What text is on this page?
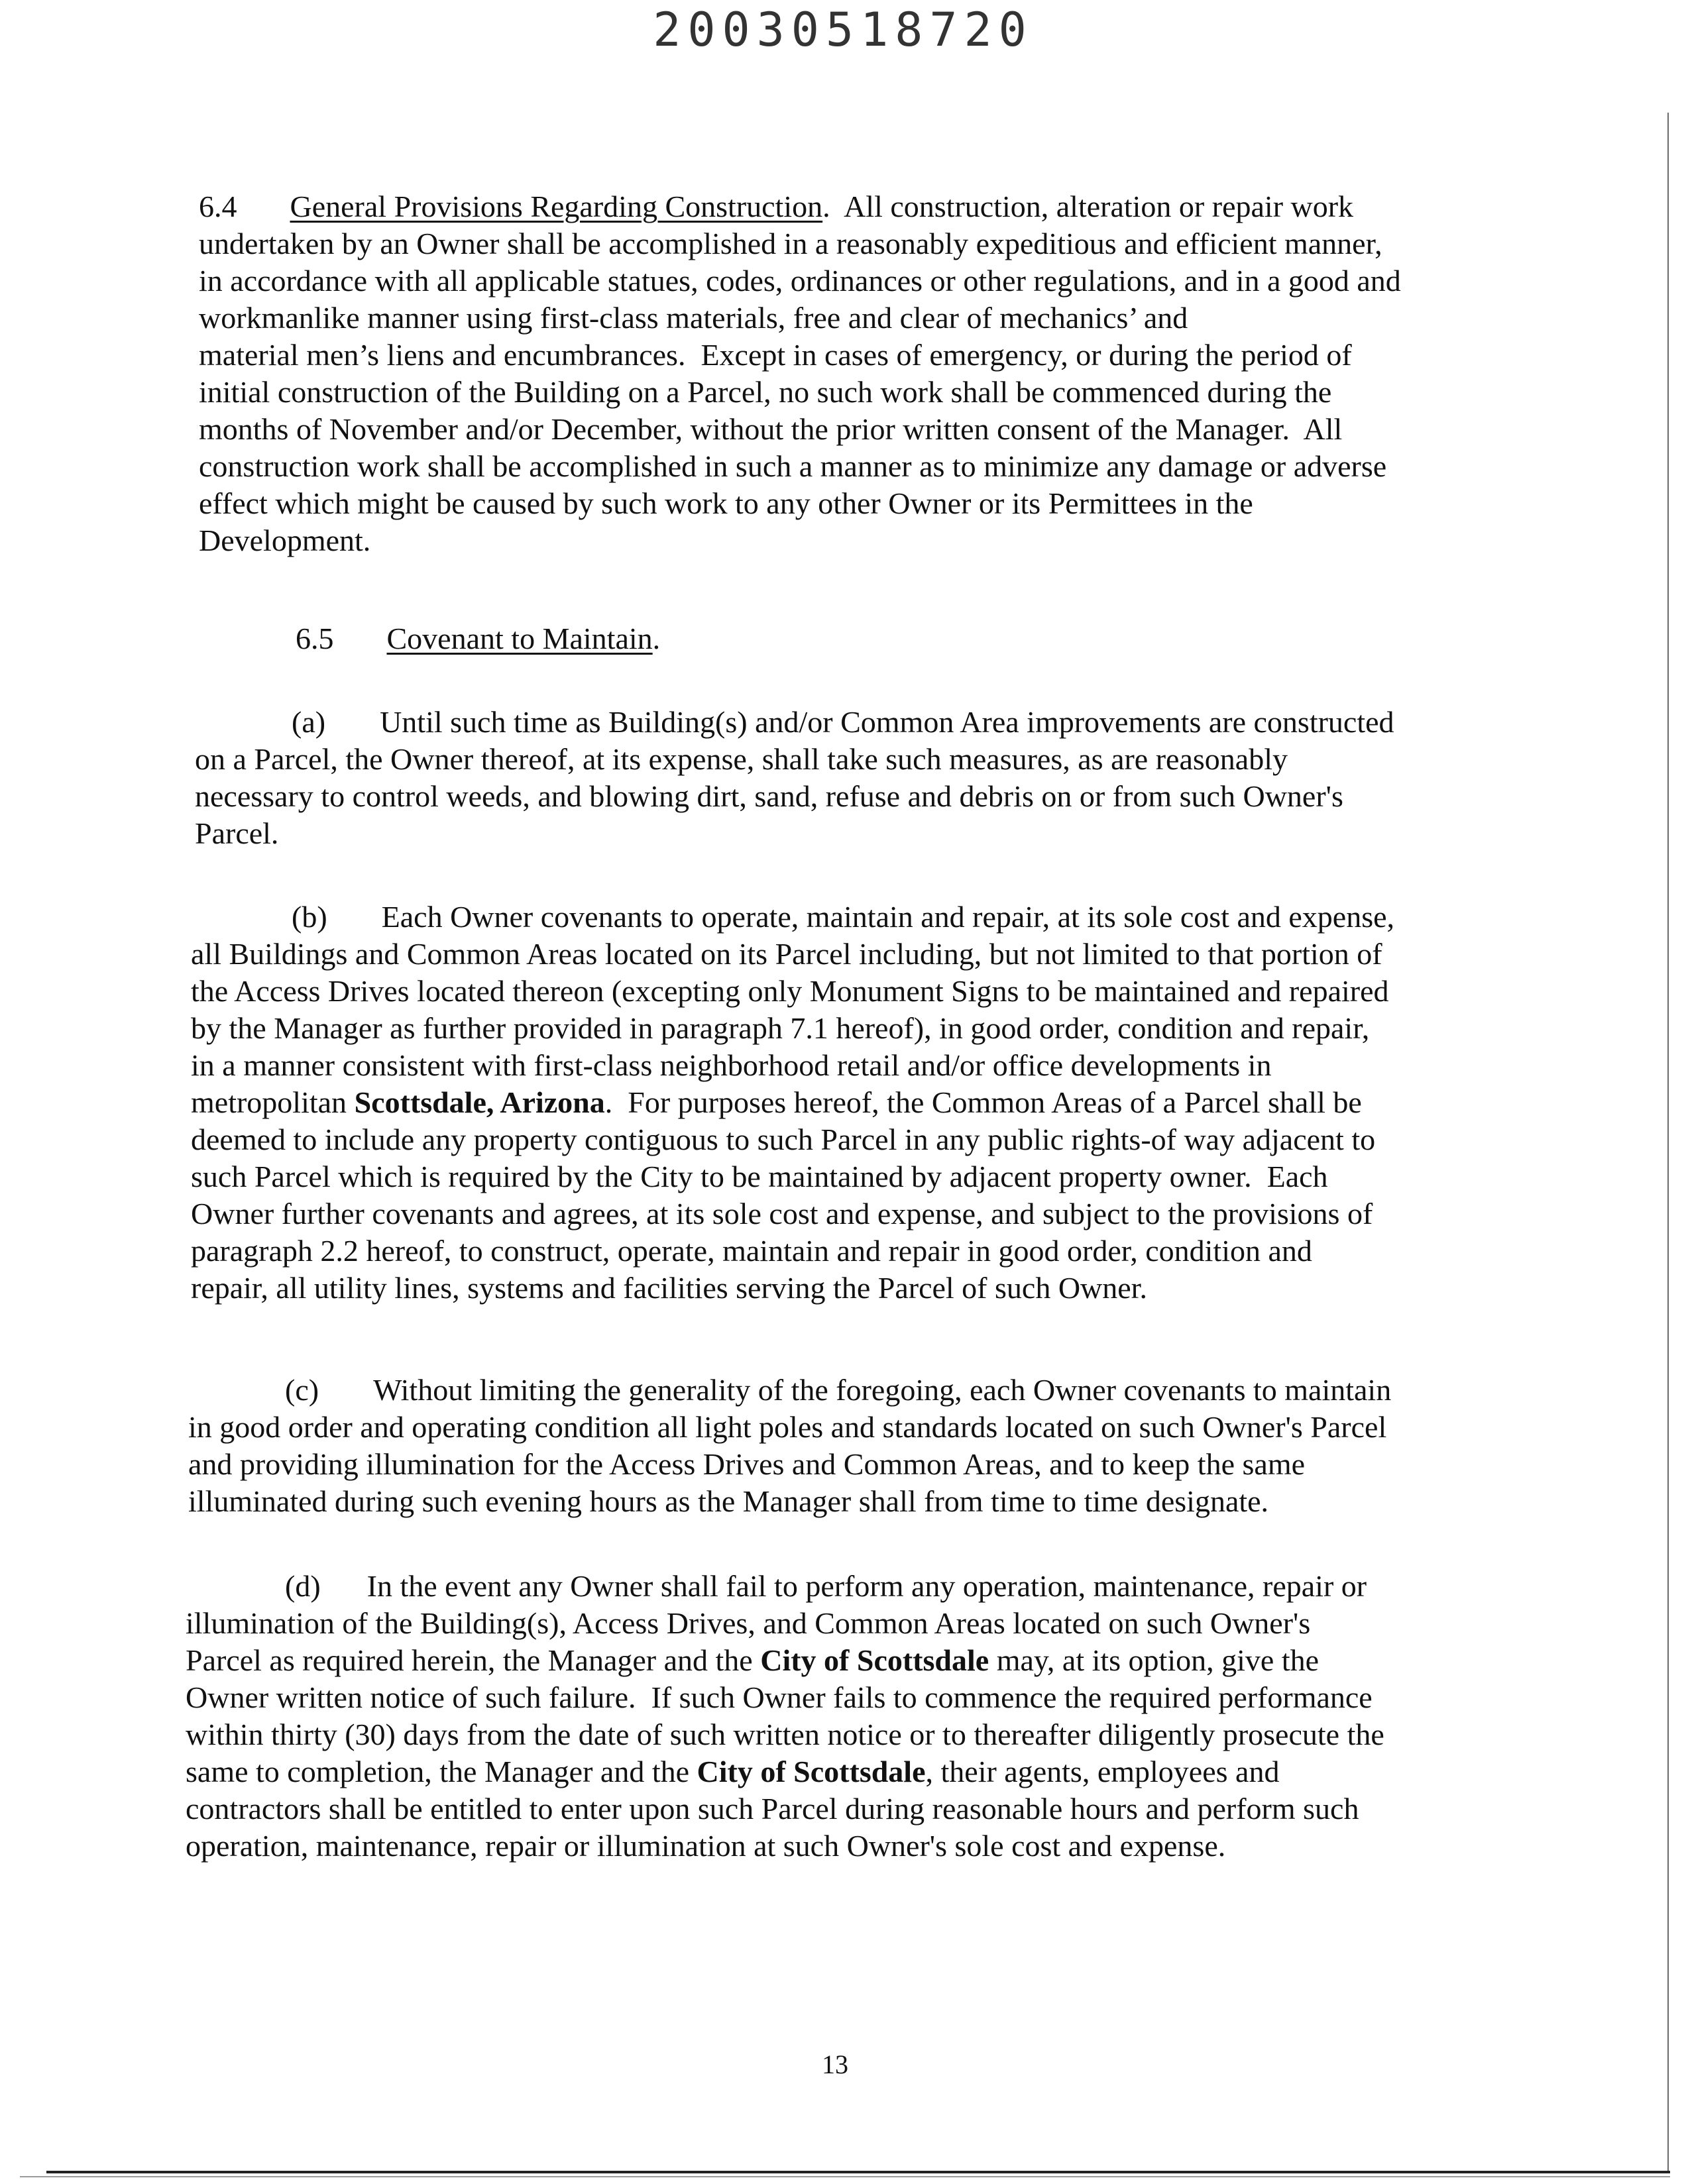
20030518720
6.4 General Provisions Regarding Construction.  All construction, alteration or repair work
undertaken by an Owner shall be accomplished in a reasonably expeditious and efficient manner,
in accordance with all applicable statues, codes, ordinances or other regulations, and in a good and
workmanlike manner using first-class materials, free and clear of mechanics’ and
material men’s liens and encumbrances.  Except in cases of emergency, or during the period of
initial construction of the Building on a Parcel, no such work shall be commenced during the
months of November and/or December, without the prior written consent of the Manager.  All
construction work shall be accomplished in such a manner as to minimize any damage or adverse
effect which might be caused by such work to any other Owner or its Permittees in the
Development.
6.5 Covenant to Maintain.
(a) Until such time as Building(s) and/or Common Area improvements are constructed
on a Parcel, the Owner thereof, at its expense, shall take such measures, as are reasonably
necessary to control weeds, and blowing dirt, sand, refuse and debris on or from such Owner's
Parcel.
(b) Each Owner covenants to operate, maintain and repair, at its sole cost and expense,
all Buildings and Common Areas located on its Parcel including, but not limited to that portion of
the Access Drives located thereon (excepting only Monument Signs to be maintained and repaired
by the Manager as further provided in paragraph 7.1 hereof), in good order, condition and repair,
in a manner consistent with first-class neighborhood retail and/or office developments in
metropolitan Scottsdale, Arizona.  For purposes hereof, the Common Areas of a Parcel shall be
deemed to include any property contiguous to such Parcel in any public rights-of way adjacent to
such Parcel which is required by the City to be maintained by adjacent property owner.  Each
Owner further covenants and agrees, at its sole cost and expense, and subject to the provisions of
paragraph 2.2 hereof, to construct, operate, maintain and repair in good order, condition and
repair, all utility lines, systems and facilities serving the Parcel of such Owner.
(c) Without limiting the generality of the foregoing, each Owner covenants to maintain
in good order and operating condition all light poles and standards located on such Owner's Parcel
and providing illumination for the Access Drives and Common Areas, and to keep the same
illuminated during such evening hours as the Manager shall from time to time designate.
(d) In the event any Owner shall fail to perform any operation, maintenance, repair or
illumination of the Building(s), Access Drives, and Common Areas located on such Owner's
Parcel as required herein, the Manager and the City of Scottsdale may, at its option, give the
Owner written notice of such failure.  If such Owner fails to commence the required performance
within thirty (30) days from the date of such written notice or to thereafter diligently prosecute the
same to completion, the Manager and the City of Scottsdale, their agents, employees and
contractors shall be entitled to enter upon such Parcel during reasonable hours and perform such
operation, maintenance, repair or illumination at such Owner's sole cost and expense.
13
